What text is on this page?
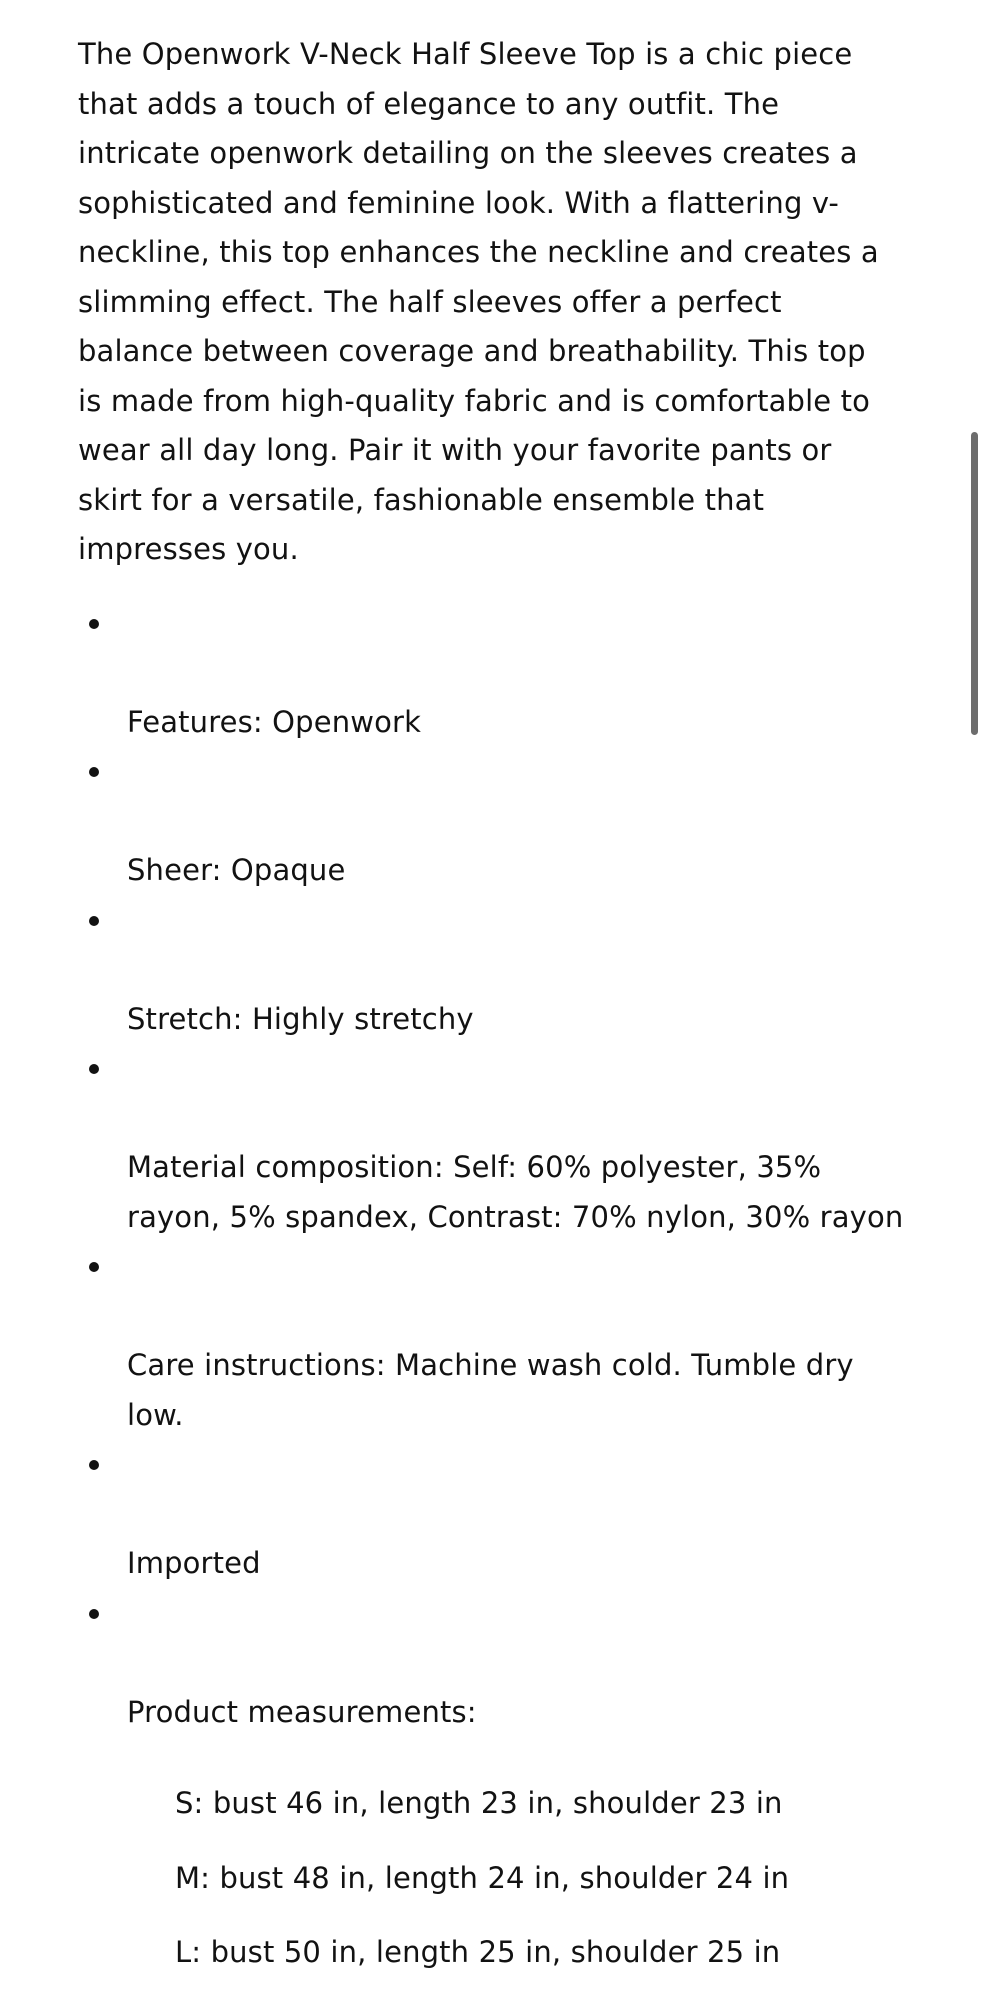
The Openwork V-Neck Half Sleeve Top is a chic piece
that adds a touch of elegance to any outfit. The
intricate openwork detailing on the sleeves creates a
sophisticated and feminine look. With a flattering v-
neckline, this top enhances the neckline and creates a
slimming effect. The half sleeves offer a perfect
balance between coverage and breathability. This top
is made from high-quality fabric and is comfortable to
wear all day long. Pair it with your favorite pants or
skirt for a versatile, fashionable ensemble that
impresses you.

Features: Openwork

Sheer: Opaque

Stretch: Highly stretchy

Material composition: Self: 60% polyester, 35%
rayon, 5% spandex, Contrast: 70% nylon, 30% rayon

Care instructions: Machine wash cold. Tumble dry
low.

Imported

Product measurements:

S: bust 46 in, length 23 in, shoulder 23 in
M: bust 48 in, length 24 in, shoulder 24 in
L: bust 50 in, length 25 in, shoulder 25 in
